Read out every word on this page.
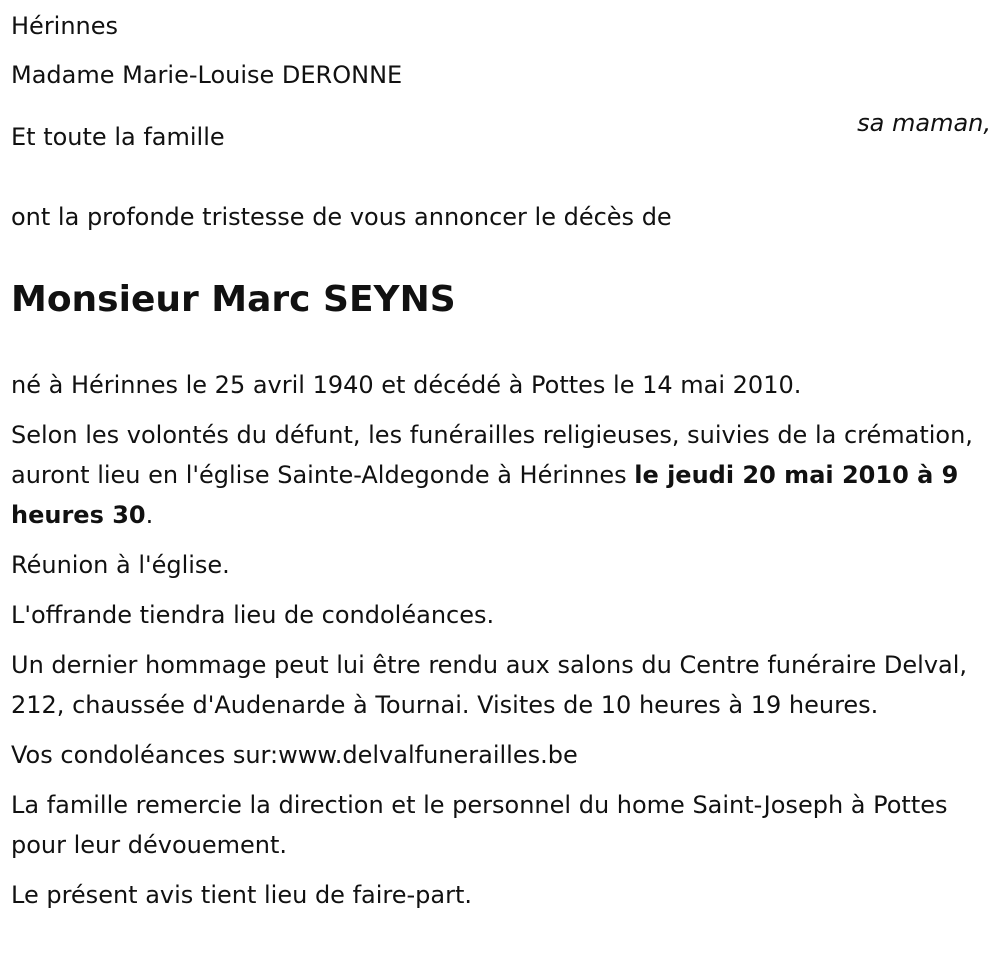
Hérinnes

Madame Marie-Louise DERONNE

sa maman,

Et toute la famille

ont la profonde tristesse de vous annoncer le décès de

Monsieur Marc SEYNS

né à Hérinnes le 25 avril 1940 et décédé à Pottes le 14 mai 2010.

Selon les volontés du défunt, les funérailles religieuses, suivies de la crémation, auront lieu en l'église Sainte-Aldegonde à Hérinnes le jeudi 20 mai 2010 à 9 heures 30.

Réunion à l'église.

L'offrande tiendra lieu de condoléances.

Un dernier hommage peut lui être rendu aux salons du Centre funéraire Delval, 212, chaussée d'Audenarde à Tournai. Visites de 10 heures à 19 heures.

Vos condoléances sur:www.delvalfunerailles.be

La famille remercie la direction et le personnel du home Saint-Joseph à Pottes pour leur dévouement.

Le présent avis tient lieu de faire-part.
